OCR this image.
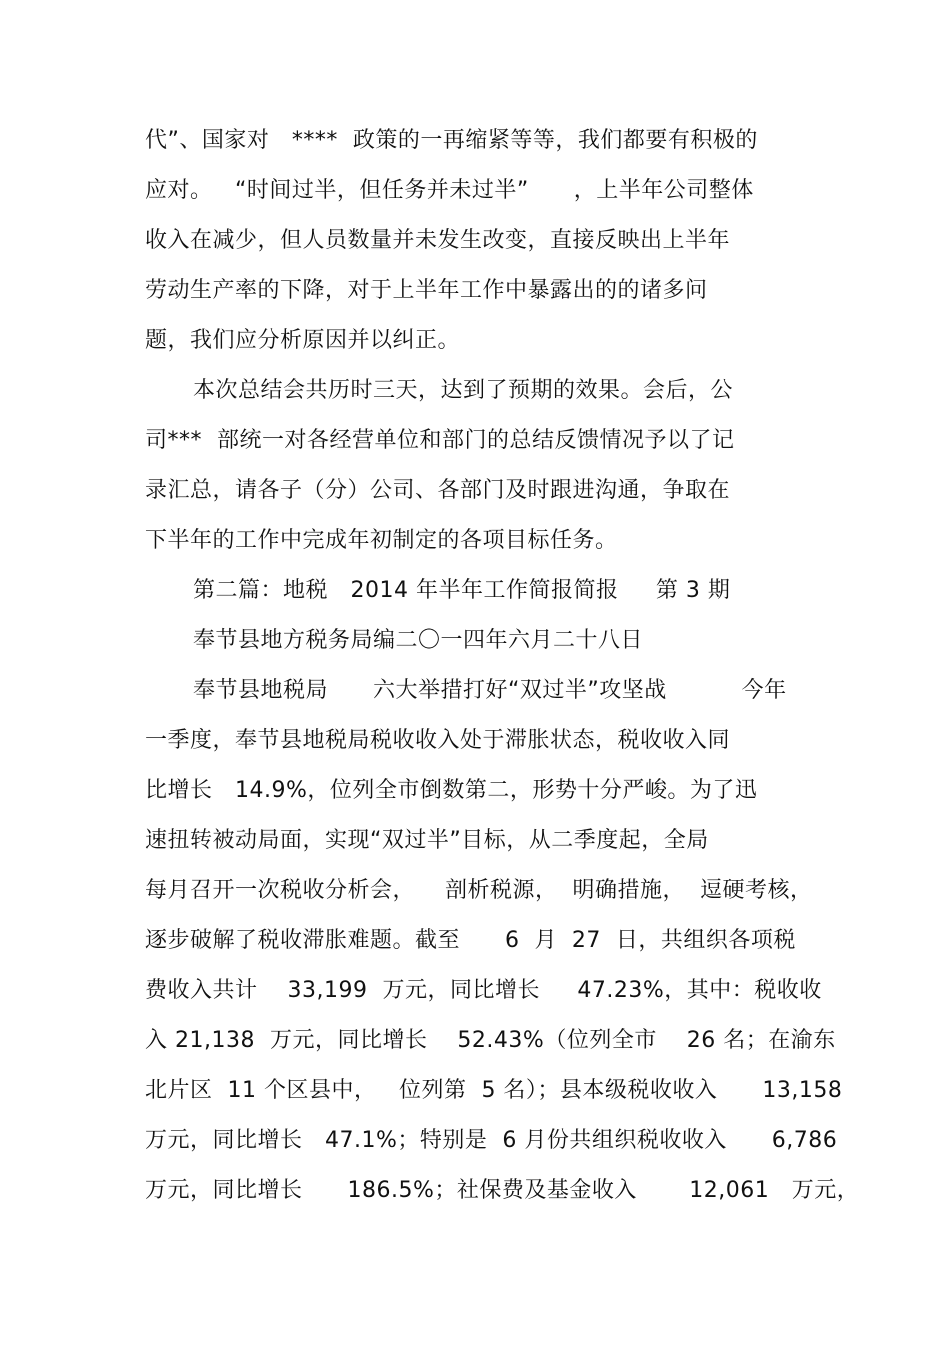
代”、国家对   ****  政策的一再缩紧等等，我们都要有积极的
应对。   “时间过半，但任务并未过半”      ，上半年公司整体
收入在减少，但人员数量并未发生改变，直接反映出上半年
劳动生产率的下降，对于上半年工作中暴露出的的诸多问
题，我们应分析原因并以纠正。
本次总结会共历时三天，达到了预期的效果。会后，公
司***  部统一对各经营单位和部门的总结反馈情况予以了记
录汇总，请各子（分）公司、各部门及时跟进沟通，争取在
下半年的工作中完成年初制定的各项目标任务。
第二篇：地税   2014 年半年工作简报简报     第 3 期
奉节县地方税务局编二〇一四年六月二十八日
奉节县地税局      六大举措打好“双过半”攻坚战          今年
一季度，奉节县地税局税收收入处于滞胀状态，税收收入同
比增长   14.9%，位列全市倒数第二，形势十分严峻。为了迅
速扭转被动局面，实现“双过半”目标，从二季度起，全局
每月召开一次税收分析会，    剖析税源，  明确措施，  逗硬考核，
逐步破解了税收滞胀难题。截至      6  月  27  日，共组织各项税
费收入共计    33,199  万元，同比增长     47.23%，其中：税收收
入 21,138  万元，同比增长    52.43%（位列全市    26 名；在渝东
北片区  11 个区县中，   位列第  5 名）；县本级税收收入      13,158
万元，同比增长   47.1%；特别是  6 月份共组织税收收入      6,786
万元，同比增长      186.5%；社保费及基金收入       12,061   万元，
